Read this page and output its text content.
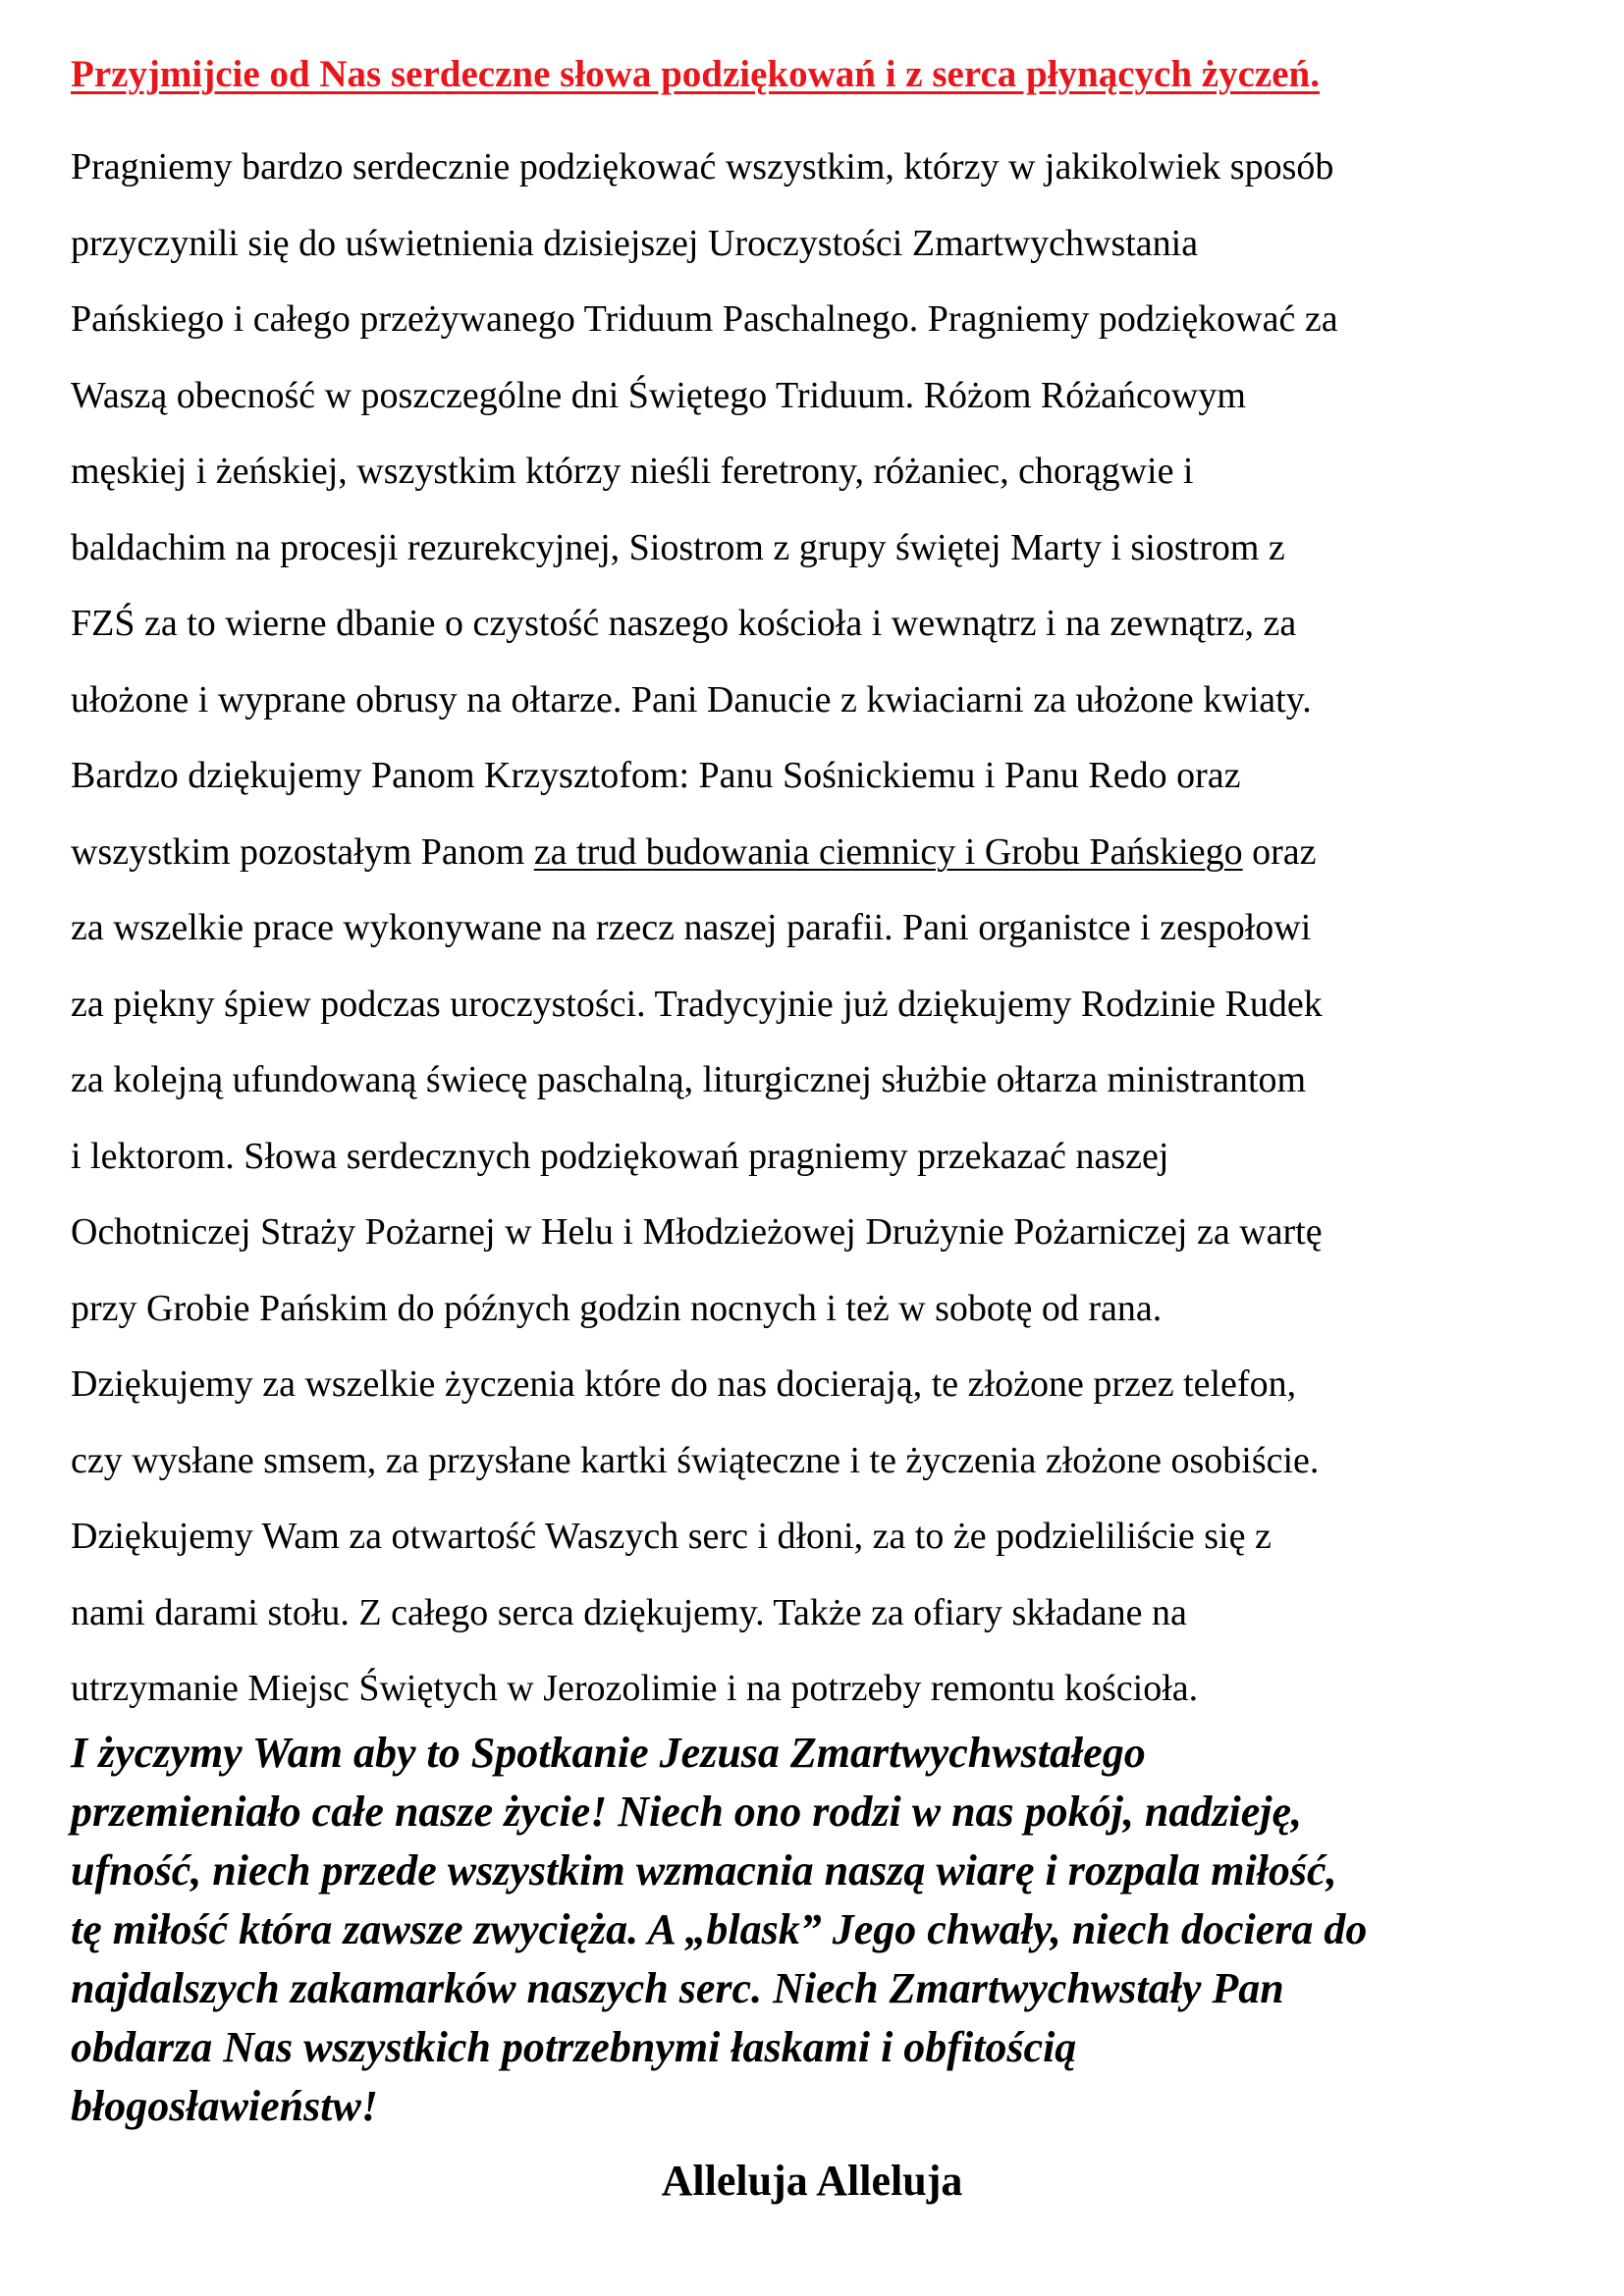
Przyjmijcie od Nas serdeczne słowa podziękowań i z serca płynących życzeń.

Pragniemy bardzo serdecznie podziękować wszystkim, którzy w jakikolwiek sposób
przyczynili się do uświetnienia dzisiejszej Uroczystości Zmartwychwstania
Pańskiego i całego przeżywanego Triduum Paschalnego. Pragniemy podziękować za
Waszą obecność w poszczególne dni Świętego Triduum. Różom Różańcowym
męskiej i żeńskiej, wszystkim którzy nieśli feretrony, różaniec, chorągwie i
baldachim na procesji rezurekcyjnej, Siostrom z grupy świętej Marty i siostrom z
FZŚ za to wierne dbanie o czystość naszego kościoła i wewnątrz i na zewnątrz, za
ułożone i wyprane obrusy na ołtarze. Pani Danucie z kwiaciarni za ułożone kwiaty.
Bardzo dziękujemy Panom Krzysztofom: Panu Sośnickiemu i Panu Redo oraz
wszystkim pozostałym Panom za trud budowania ciemnicy i Grobu Pańskiego oraz
za wszelkie prace wykonywane na rzecz naszej parafii. Pani organistce i zespołowi
za piękny śpiew podczas uroczystości. Tradycyjnie już dziękujemy Rodzinie Rudek
za kolejną ufundowaną świecę paschalną, liturgicznej służbie ołtarza ministrantom
i lektorom. Słowa serdecznych podziękowań pragniemy przekazać naszej
Ochotniczej Straży Pożarnej w Helu i Młodzieżowej Drużynie Pożarniczej za wartę
przy Grobie Pańskim do późnych godzin nocnych i też w sobotę od rana.
Dziękujemy za wszelkie życzenia które do nas docierają, te złożone przez telefon,
czy wysłane smsem, za przysłane kartki świąteczne i te życzenia złożone osobiście.
Dziękujemy Wam za otwartość Waszych serc i dłoni, za to że podzieliliście się z
nami darami stołu. Z całego serca dziękujemy. Także za ofiary składane na
utrzymanie Miejsc Świętych w Jerozolimie i na potrzeby remontu kościoła.
I życzymy Wam aby to Spotkanie Jezusa Zmartwychwstałego
przemieniało całe nasze życie! Niech ono rodzi w nas pokój, nadzieję,
ufność, niech przede wszystkim wzmacnia naszą wiarę i rozpala miłość,
tę miłość która zawsze zwycięża. A „blask” Jego chwały, niech dociera do
najdalszych zakamarków naszych serc. Niech Zmartwychwstały Pan
obdarza Nas wszystkich potrzebnymi łaskami i obfitością
błogosławieństw!

Alleluja Alleluja
